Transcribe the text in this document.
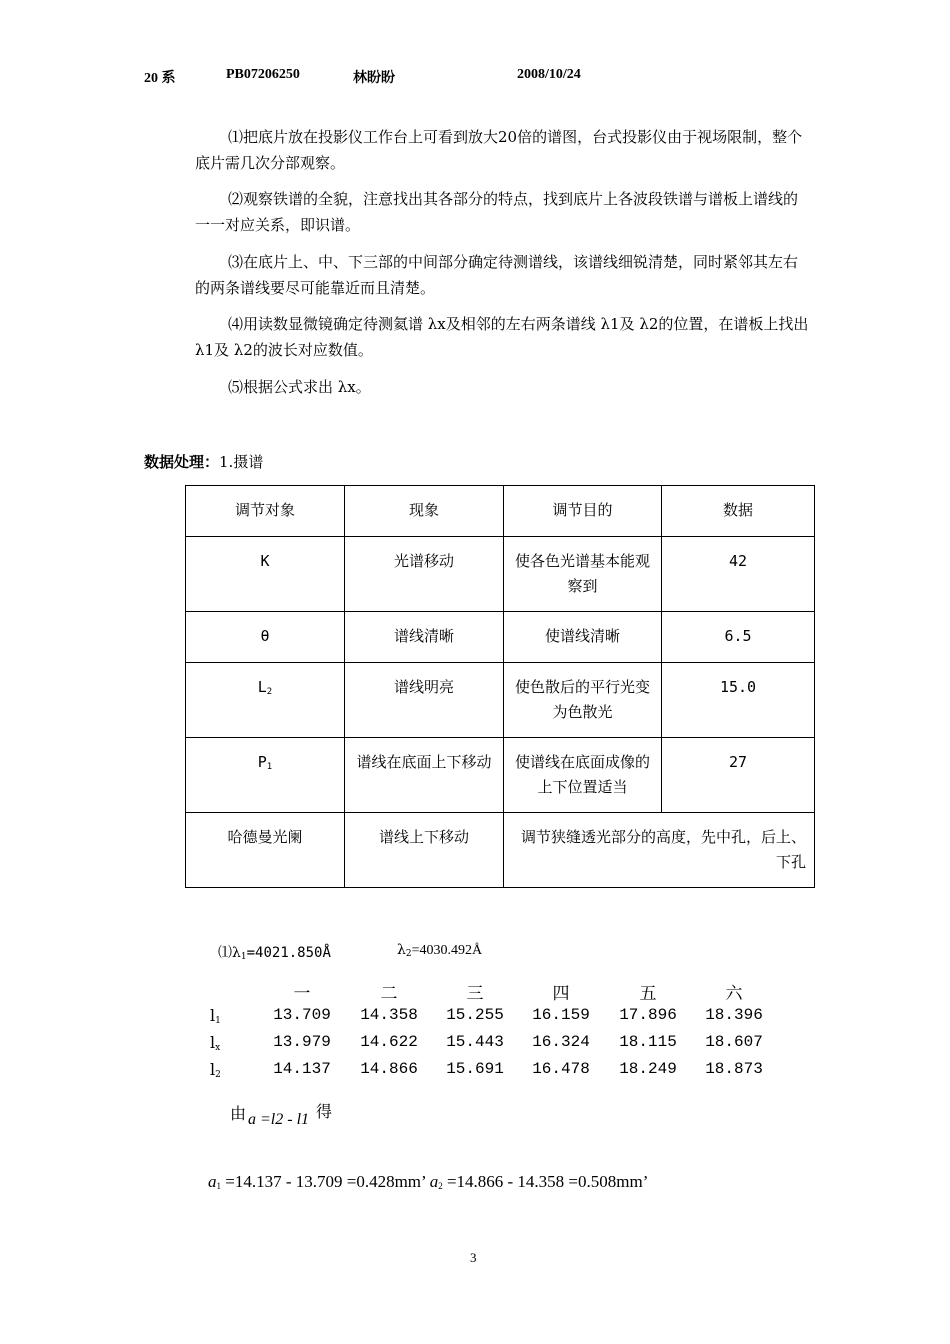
20 系	PB07206250	林盼盼	2008/10/24
⑴把底片放在投影仪工作台上可看到放大20倍的谱图，台式投影仪由于视场限制，整个底片需几次分部观察。
⑵观察铁谱的全貌，注意找出其各部分的特点，找到底片上各波段铁谱与谱板上谱线的一一对应关系，即识谱。
⑶在底片上、中、下三部的中间部分确定待测谱线，该谱线细锐清楚，同时紧邻其左右的两条谱线要尽可能靠近而且清楚。
⑷用读数显微镜确定待测氦谱 λx及相邻的左右两条谱线 λ1及 λ2的位置，在谱板上找出 λ1及 λ2的波长对应数值。
⑸根据公式求出 λx。
数据处理：1.摄谱
调节对象	现象	调节目的	数据
K	光谱移动	使各色光谱基本能观察到	42
θ	谱线清晰	使谱线清晰	6.5
$L_2$	谱线明亮	使色散后的平行光变为色散光	15.0
$P_1$	谱线在底面上下移动	使谱线在底面成像的上下位置适当	27
哈德曼光阑	谱线上下移动	调节狭缝透光部分的高度，先中孔，后上、下孔	
$⑴\lambda_1=4021.850Å$	$\lambda_2=4030.492Å$
一	二	三	四	五	六
$l_1$	13.709	14.358	15.255	16.159	17.896	18.396
$l_x$	13.979	14.622	15.443	16.324	18.115	18.607
$l_2$	14.137	14.866	15.691	16.478	18.249	18.873
由 a =l2 - l1 得
$a_1 =14.137 - 13.709 =0.428mm$’ $a_2 =14.866 - 14.358 =0.508mm$’
3
